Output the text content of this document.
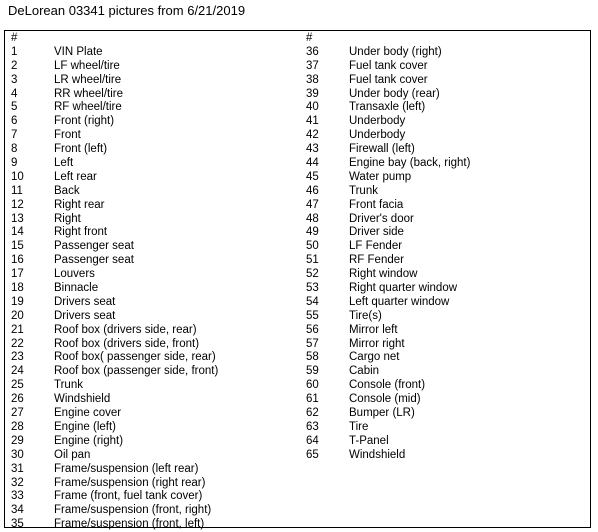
DeLorean 03341 pictures from 6/21/2019
#
1	VIN Plate
2	LF wheel/tire
3	LR wheel/tire
4	RR wheel/tire
5	RF wheel/tire
6	Front (right)
7	Front
8	Front (left)
9	Left
10	Left rear
11	Back
12	Right rear
13	Right
14	Right front
15	Passenger seat
16	Passenger seat
17	Louvers
18	Binnacle
19	Drivers seat
20	Drivers seat
21	Roof box (drivers side, rear)
22	Roof box (drivers side, front)
23	Roof box( passenger side, rear)
24	Roof box (passenger side, front)
25	Trunk
26	Windshield
27	Engine cover
28	Engine (left)
29	Engine (right)
30	Oil pan
31	Frame/suspension (left rear)
32	Frame/suspension (right rear)
33	Frame (front, fuel tank cover)
34	Frame/suspension (front, right)
35	Frame/suspension (front, left)
#
36	Under body (right)
37	Fuel tank cover
38	Fuel tank cover
39	Under body (rear)
40	Transaxle (left)
41	Underbody
42	Underbody
43	Firewall (left)
44	Engine bay (back, right)
45	Water pump
46	Trunk
47	Front facia
48	Driver's door
49	Driver side
50	LF Fender
51	RF Fender
52	Right window
53	Right quarter window
54	Left quarter window
55	Tire(s)
56	Mirror left
57	Mirror right
58	Cargo net
59	Cabin
60	Console (front)
61	Console (mid)
62	Bumper (LR)
63	Tire
64	T-Panel
65	Windshield
